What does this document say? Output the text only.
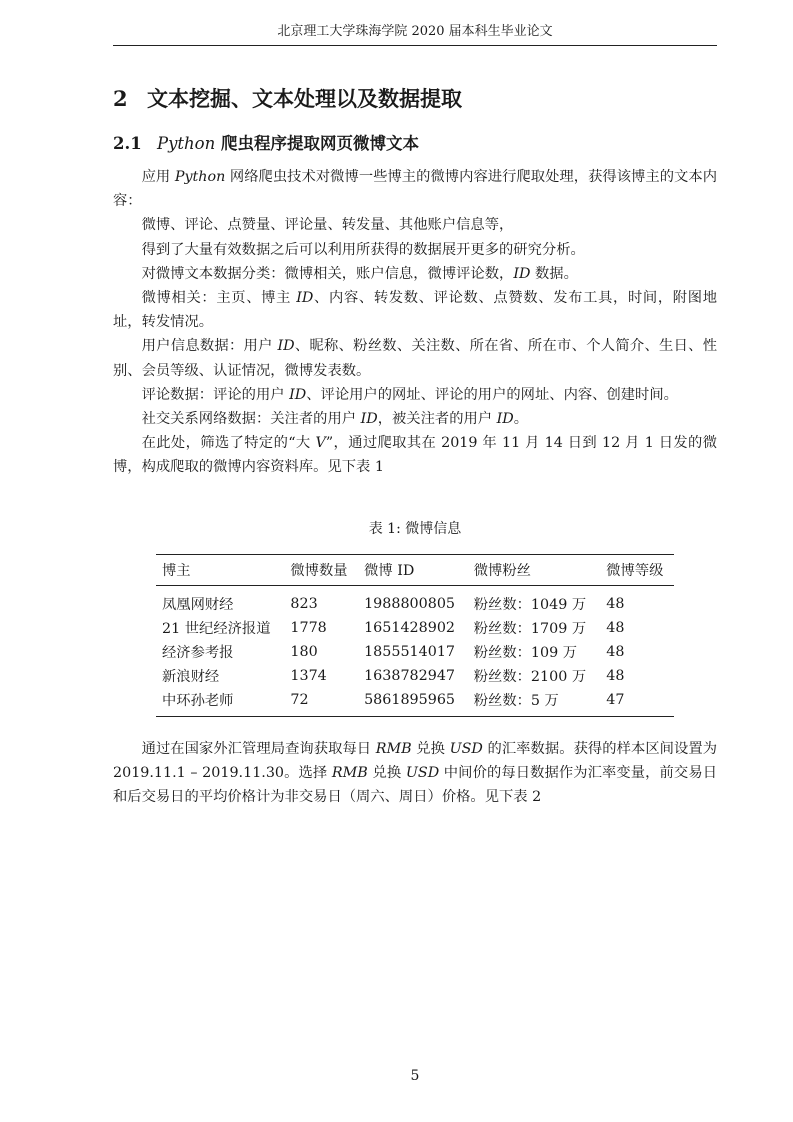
北京理工大学珠海学院 2020 届本科生毕业论文
2 文本挖掘、文本处理以及数据提取
2.1 Python 爬虫程序提取网页微博文本

应用 Python 网络爬虫技术对微博一些博主的微博内容进行爬取处理，获得该博主的文本内容：

微博、评论、点赞量、评论量、转发量、其他账户信息等，

得到了大量有效数据之后可以利用所获得的数据展开更多的研究分析。

对微博文本数据分类：微博相关，账户信息，微博评论数，ID 数据。

微博相关：主页、博主 ID、内容、转发数、评论数、点赞数、发布工具，时间，附图地址，转发情况。

用户信息数据：用户 ID、昵称、粉丝数、关注数、所在省、所在市、个人简介、生日、性别、会员等级、认证情况，微博发表数。

评论数据：评论的用户 ID、评论用户的网址、评论的用户的网址、内容、创建时间。

社交关系网络数据：关注者的用户 ID，被关注者的用户 ID。

在此处，筛选了特定的“大 V”，通过爬取其在 2019 年 11 月 14 日到 12 月 1 日发的微博，构成爬取的微博内容资料库。见下表 1

表 1: 微博信息
博主	微博数量	微博 ID	微博粉丝	微博等级
凤凰网财经	823	1988800805	粉丝数：1049 万	48
21 世纪经济报道	1778	1651428902	粉丝数：1709 万	48
经济参考报	180	1855514017	粉丝数：109 万	48
新浪财经	1374	1638782947	粉丝数：2100 万	48
中环孙老师	72	5861895965	粉丝数：5 万	47

通过在国家外汇管理局查询获取每日 RMB 兑换 USD 的汇率数据。获得的样本区间设置为 2019.11.1 – 2019.11.30。选择 RMB 兑换 USD 中间价的每日数据作为汇率变量，前交易日和后交易日的平均价格计为非交易日（周六、周日）价格。见下表 2

5
